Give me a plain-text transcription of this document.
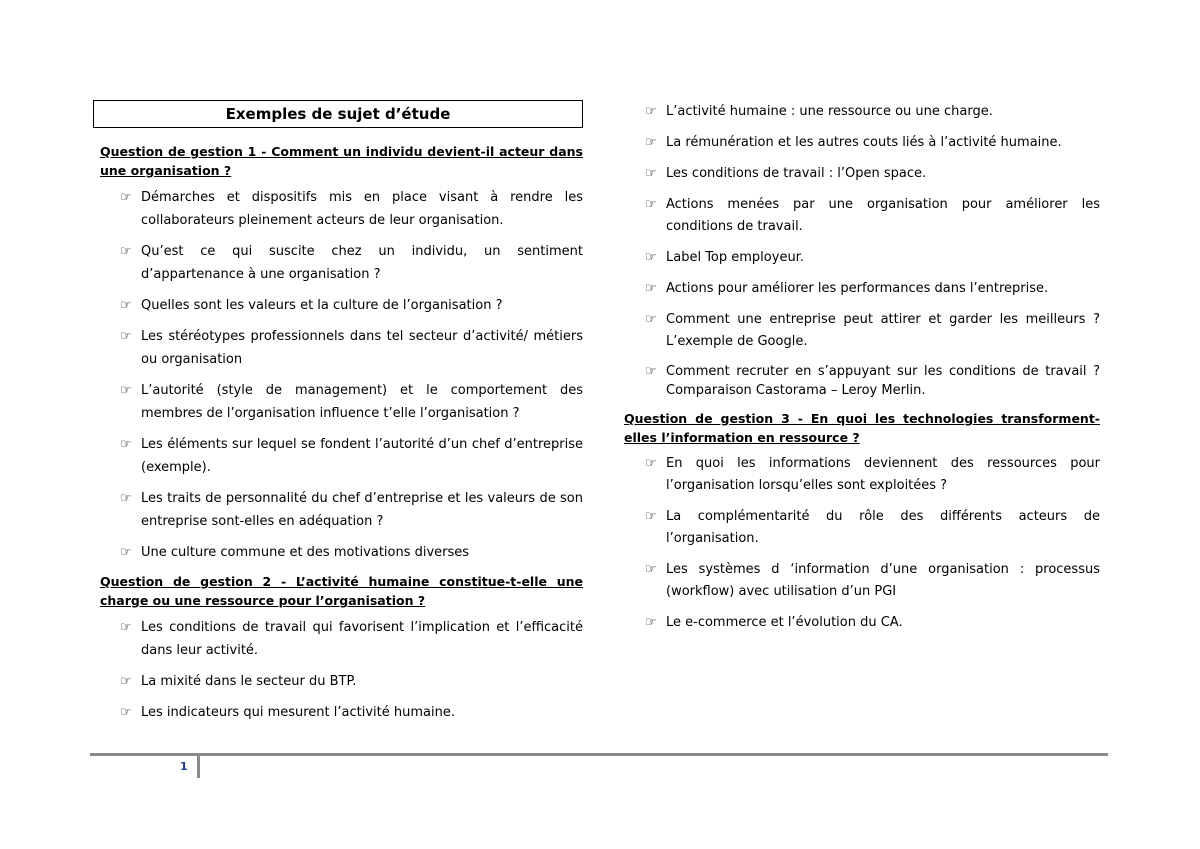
Exemples de sujet d’étude
Question de gestion 1 - Comment un individu devient-il acteur dans une organisation ?
☞ Démarches et dispositifs mis en place visant à rendre les collaborateurs pleinement acteurs de leur organisation.
☞ Qu’est ce qui suscite chez un individu, un sentiment d’appartenance à une organisation ?
☞ Quelles sont les valeurs et la culture de l’organisation ?
☞ Les stéréotypes professionnels dans tel secteur d’activité/ métiers ou organisation
☞ L’autorité (style de management) et le comportement des membres de l’organisation influence t’elle l’organisation ?
☞ Les éléments sur lequel se fondent l’autorité d’un chef d’entreprise (exemple).
☞ Les traits de personnalité du chef d’entreprise et les valeurs de son entreprise sont-elles en adéquation ?
☞ Une culture commune et des motivations diverses
Question de gestion 2 - L’activité humaine constitue-t-elle une charge ou une ressource pour l’organisation ?
☞ Les conditions de travail qui favorisent l’implication et l’efficacité dans leur activité.
☞ La mixité dans le secteur du BTP.
☞ Les indicateurs qui mesurent l’activité humaine.
☞ L’activité humaine : une ressource ou une charge.
☞ La rémunération et les autres couts liés à l’activité humaine.
☞ Les conditions de travail : l’Open space.
☞ Actions menées par une organisation pour améliorer les conditions de travail.
☞ Label Top employeur.
☞ Actions pour améliorer les performances dans l’entreprise.
☞ Comment une entreprise peut attirer et garder les meilleurs ? L’exemple de Google.
☞ Comment recruter en s’appuyant sur les conditions de travail ? Comparaison Castorama – Leroy Merlin.
Question de gestion 3 - En quoi les technologies transforment-elles l’information en ressource ?
☞ En quoi les informations deviennent des ressources pour l’organisation lorsqu’elles sont exploitées ?
☞ La complémentarité du rôle des différents acteurs de l’organisation.
☞ Les systèmes d ‘information d’une organisation : processus (workflow) avec utilisation d’un PGI
☞ Le e-commerce et l’évolution du CA.
1
